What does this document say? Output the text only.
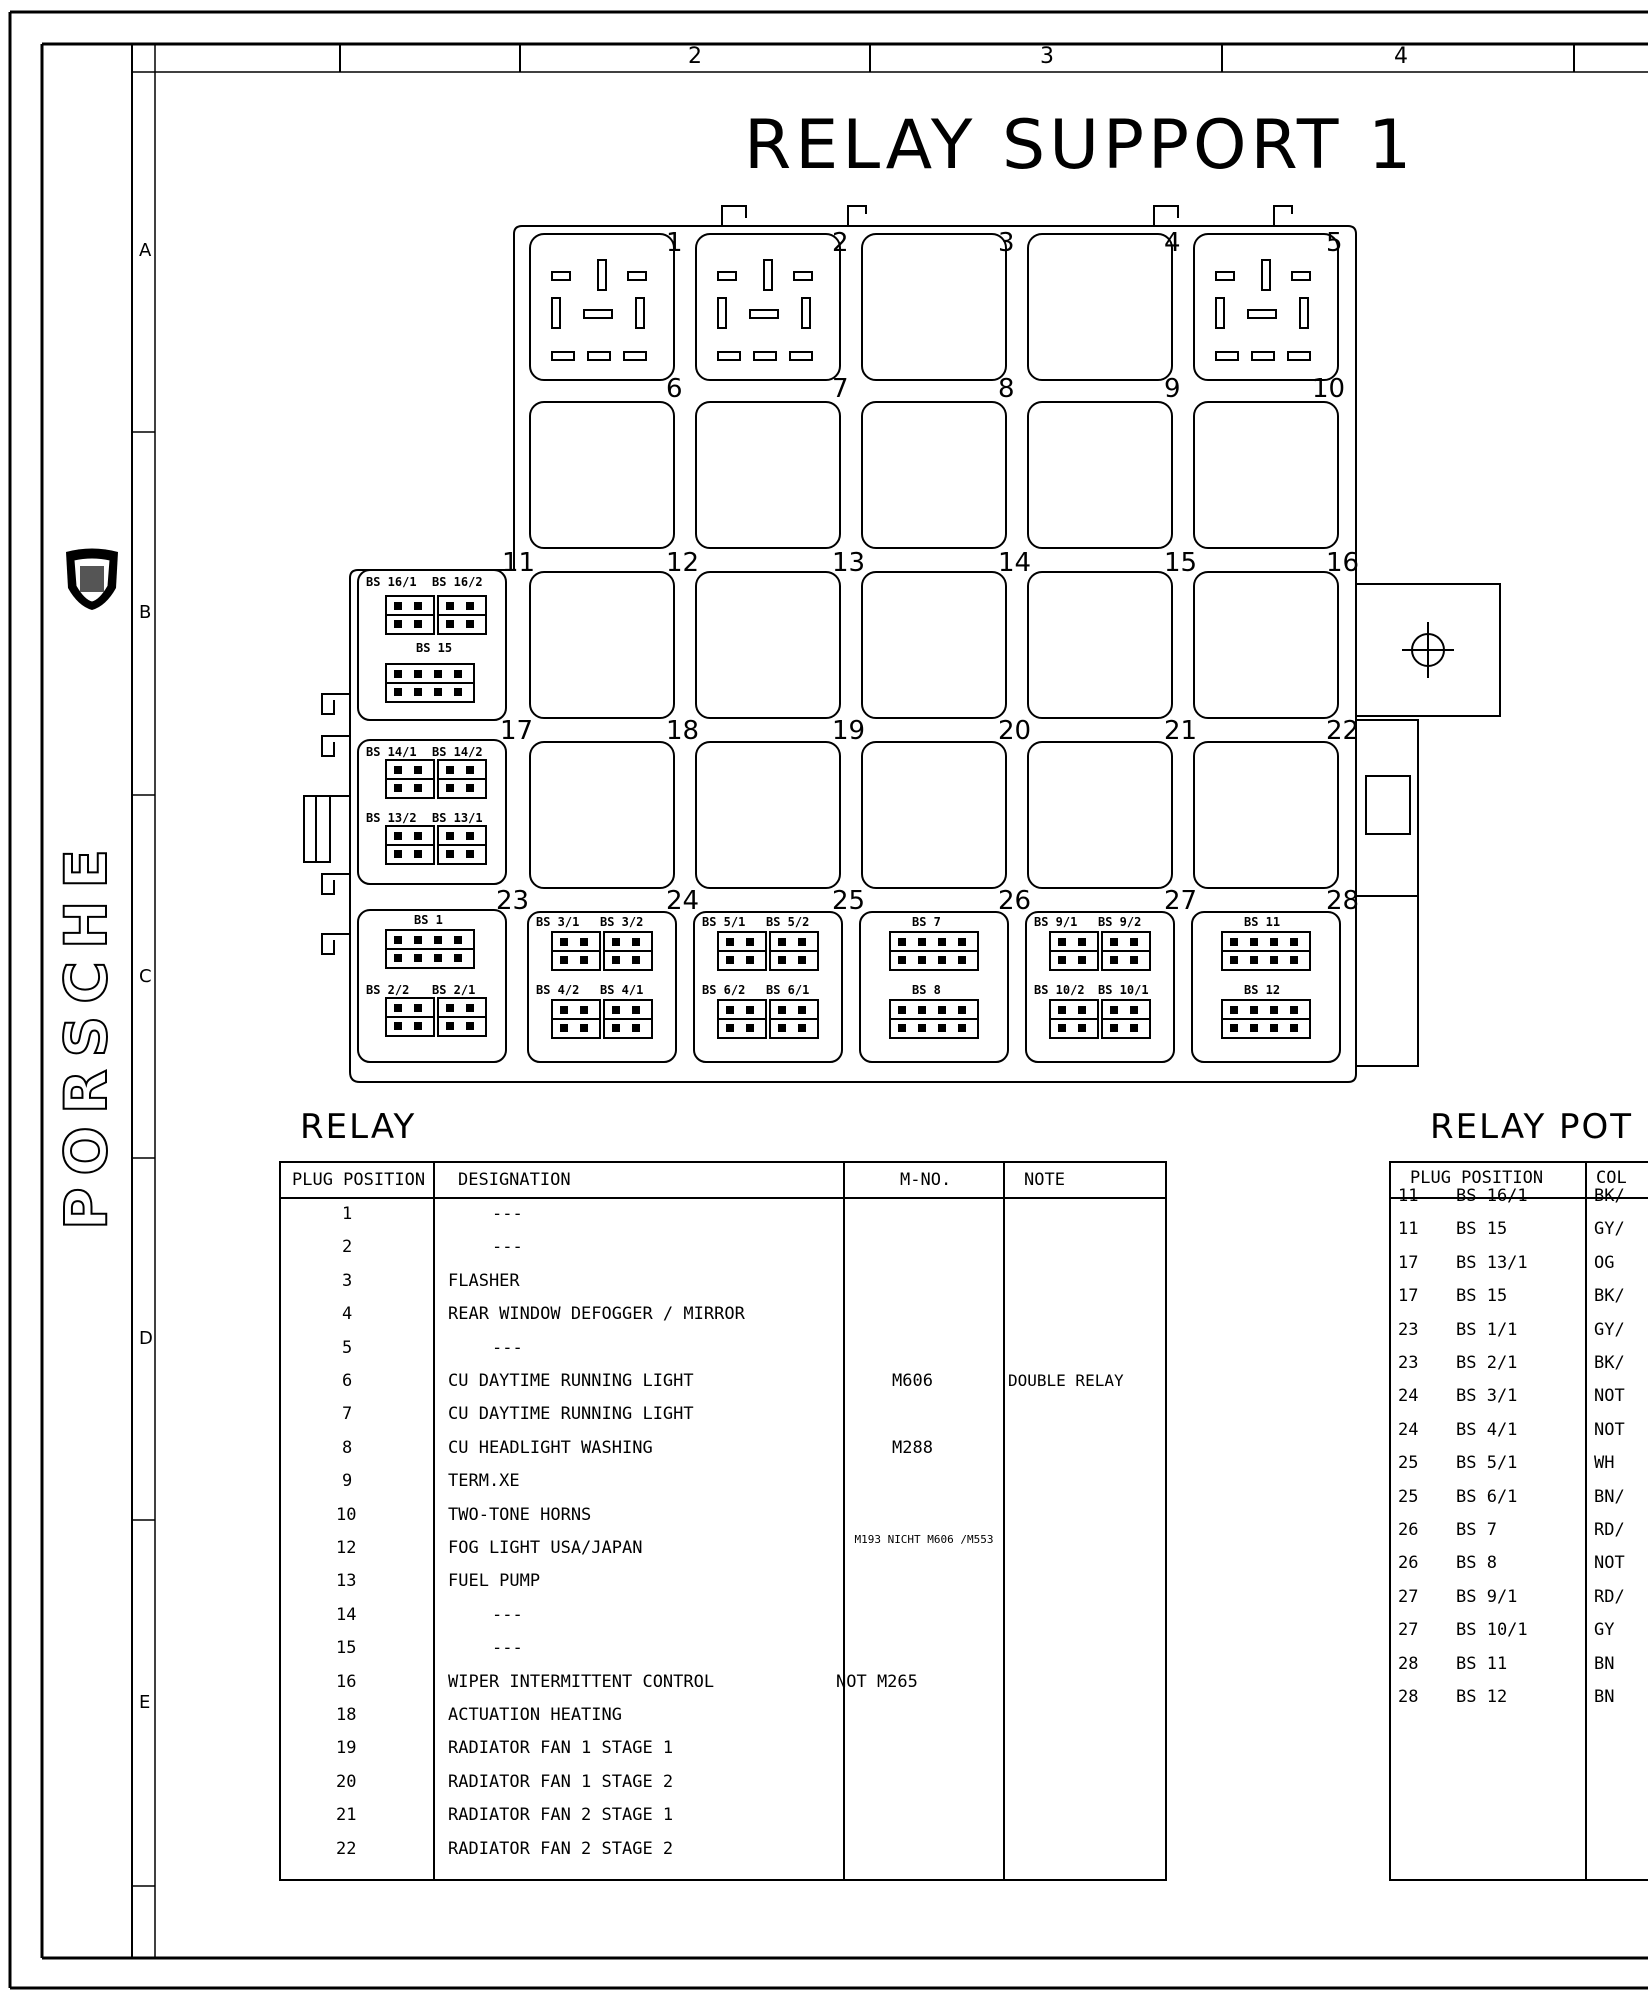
PORSCHE
2	3	4
A
B
C
D
E
RELAY SUPPORT 1
RELAY
PLUG POSITION DESIGNATION	M-NO.	NOTE
1	---
2	---
3	FLASHER
4	REAR WINDOW DEFOGGER / MIRROR
5	---
6	CU DAYTIME RUNNING LIGHT	M606	DOUBLE RELAY
7	CU DAYTIME RUNNING LIGHT
8	CU HEADLIGHT WASHING	M288
9	TERM.XE
10	TWO-TONE HORNS
12	FOG LIGHT USA/JAPAN	M193 NICHT M606 /M553
13	FUEL PUMP
14	---
15	---
16	WIPER INTERMITTENT CONTROL	NOT M265
18	ACTUATION HEATING
19	RADIATOR FAN 1 STAGE 1
20	RADIATOR FAN 1 STAGE 2
21	RADIATOR FAN 2 STAGE 1
22	RADIATOR FAN 2 STAGE 2
RELAY POT
PLUG POSITION	COL
11 BS 16/1	BK/
11 BS 15	GY/
17 BS 13/1	OG
17 BS 15	BK/
23 BS 1/1	GY/
23 BS 2/1	BK/
24 BS 3/1	NOT
24 BS 4/1	NOT
25 BS 5/1	WH
25 BS 6/1	BN/
26 BS 7	RD/
26 BS 8	NOT
27 BS 9/1	RD/
27 BS 10/1	GY
28 BS 11	BN
28 BS 12	BN
BS 16/1 BS 16/2
BS 15
BS 14/1 BS 14/2
BS 13/2 BS 13/1
BS 1
BS 2/2 BS 2/1
BS 3/1 BS 3/2
BS 4/2 BS 4/1
BS 5/1 BS 5/2
BS 6/2 BS 6/1
BS 7
BS 8
BS 9/1 BS 9/2
BS 10/2 BS 10/1
BS 11
BS 12
1	2	3	4	5
6	7	8	9	10
11	12	13	14	15	16
17	18	19	20	21	22
23	24	25	26	27	28
